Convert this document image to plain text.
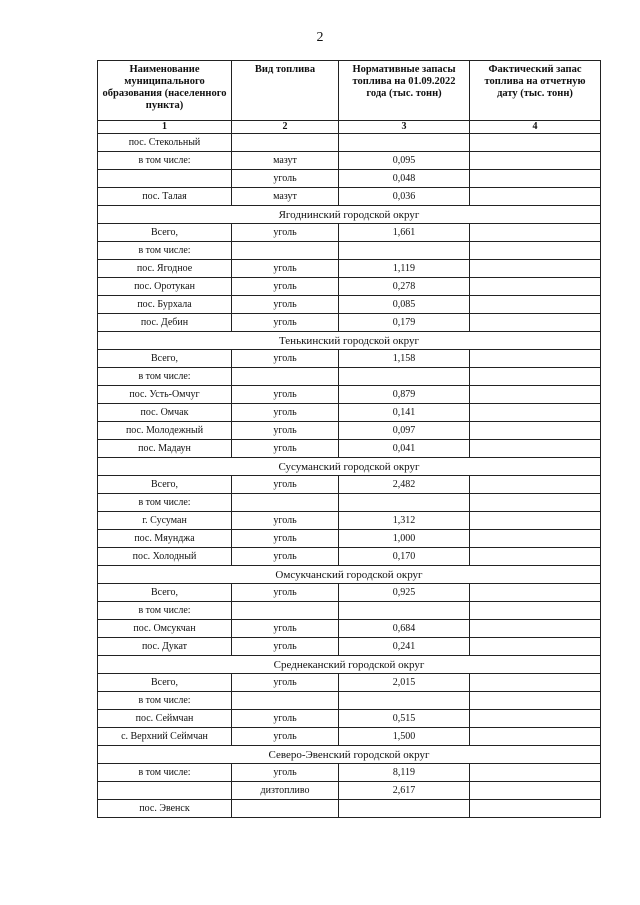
2
Наименование муниципального образования (населенного пункта)	Вид топлива	Нормативные запасы топлива на 01.09.2022 года (тыс. тонн)	Фактический запас топлива на отчетную дату (тыс. тонн)
1	2	3	4
пос. Стекольный			
в том числе:	мазут	0,095	
	уголь	0,048	
пос. Талая	мазут	0,036	
Ягоднинский городской округ			
Всего,	уголь	1,661	
в том числе:			
пос. Ягодное	уголь	1,119	
пос. Оротукан	уголь	0,278	
пос. Бурхала	уголь	0,085	
пос. Дебин	уголь	0,179	
Тенькинский городской округ			
Всего,	уголь	1,158	
в том числе:			
пос. Усть-Омчуг	уголь	0,879	
пос. Омчак	уголь	0,141	
пос. Молодежный	уголь	0,097	
пос. Мадаун	уголь	0,041	
Сусуманский городской округ			
Всего,	уголь	2,482	
в том числе:			
г. Сусуман	уголь	1,312	
пос. Мяунджа	уголь	1,000	
пос. Холодный	уголь	0,170	
Омсукчанский городской округ			
Всего,	уголь	0,925	
в том числе:			
пос. Омсукчан	уголь	0,684	
пос. Дукат	уголь	0,241	
Среднеканский городской округ			
Всего,	уголь	2,015	
в том числе:			
пос. Сеймчан	уголь	0,515	
с. Верхний Сеймчан	уголь	1,500	
Северо-Эвенский городской округ			
в том числе:	уголь	8,119	
	дизтопливо	2,617	
пос. Эвенск			
